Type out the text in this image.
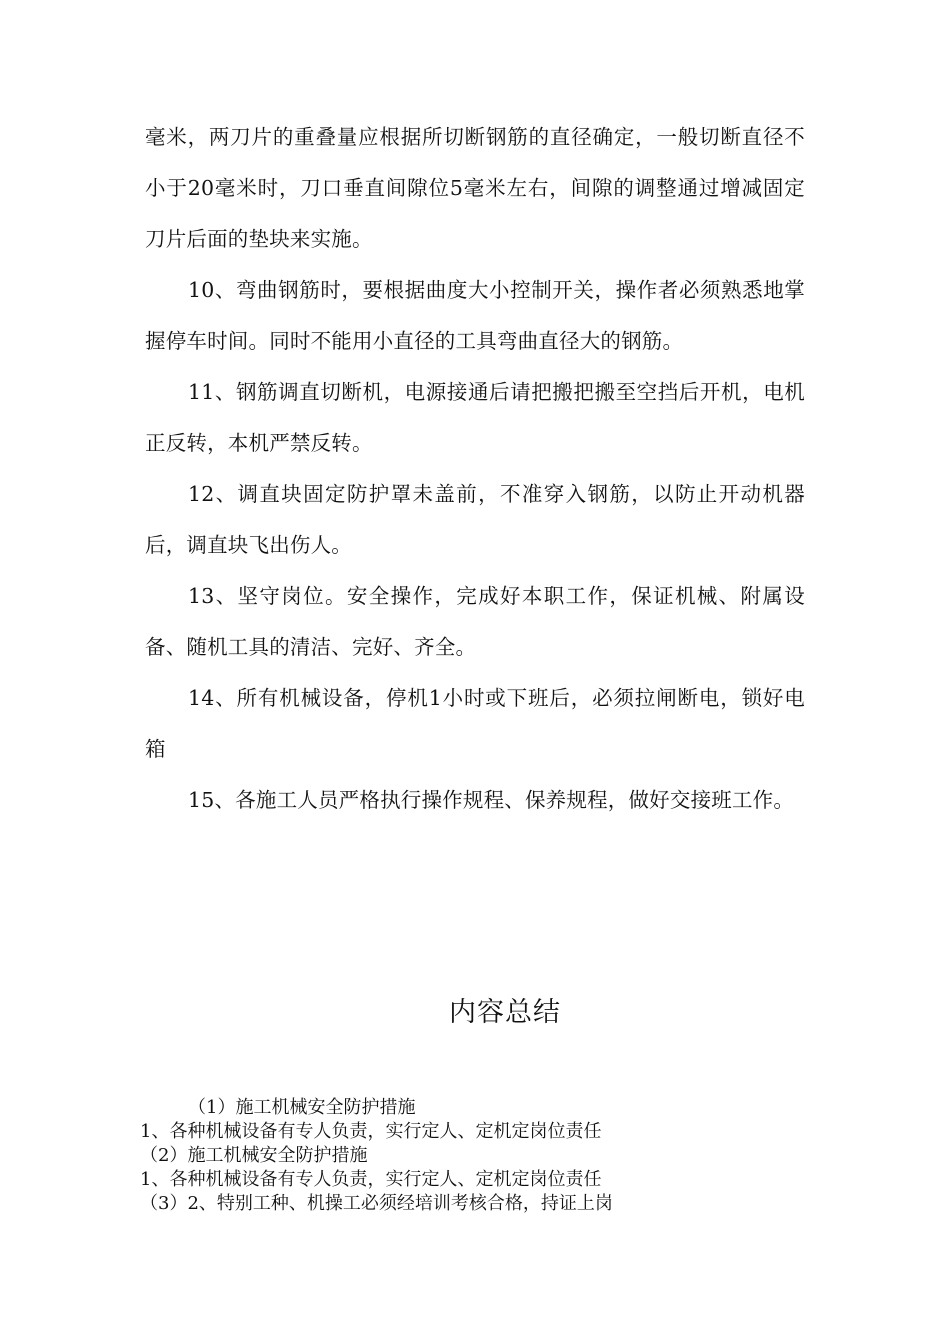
毫米，两刀片的重叠量应根据所切断钢筋的直径确定，一般切断直径不小于20毫米时，刀口垂直间隙位5毫米左右，间隙的调整通过增减固定刀片后面的垫块来实施。

10、弯曲钢筋时，要根据曲度大小控制开关，操作者必须熟悉地掌握停车时间。同时不能用小直径的工具弯曲直径大的钢筋。

11、钢筋调直切断机，电源接通后请把搬把搬至空挡后开机，电机正反转，本机严禁反转。

12、调直块固定防护罩未盖前，不准穿入钢筋，以防止开动机器后，调直块飞出伤人。

13、坚守岗位。安全操作，完成好本职工作，保证机械、附属设备、随机工具的清洁、完好、齐全。

14、所有机械设备，停机1小时或下班后，必须拉闸断电，锁好电箱

15、各施工人员严格执行操作规程、保养规程，做好交接班工作。

内容总结
（1）施工机械安全防护措施
1、各种机械设备有专人负责，实行定人、定机定岗位责任
（2）施工机械安全防护措施
1、各种机械设备有专人负责，实行定人、定机定岗位责任
（3）2、特别工种、机操工必须经培训考核合格，持证上岗
